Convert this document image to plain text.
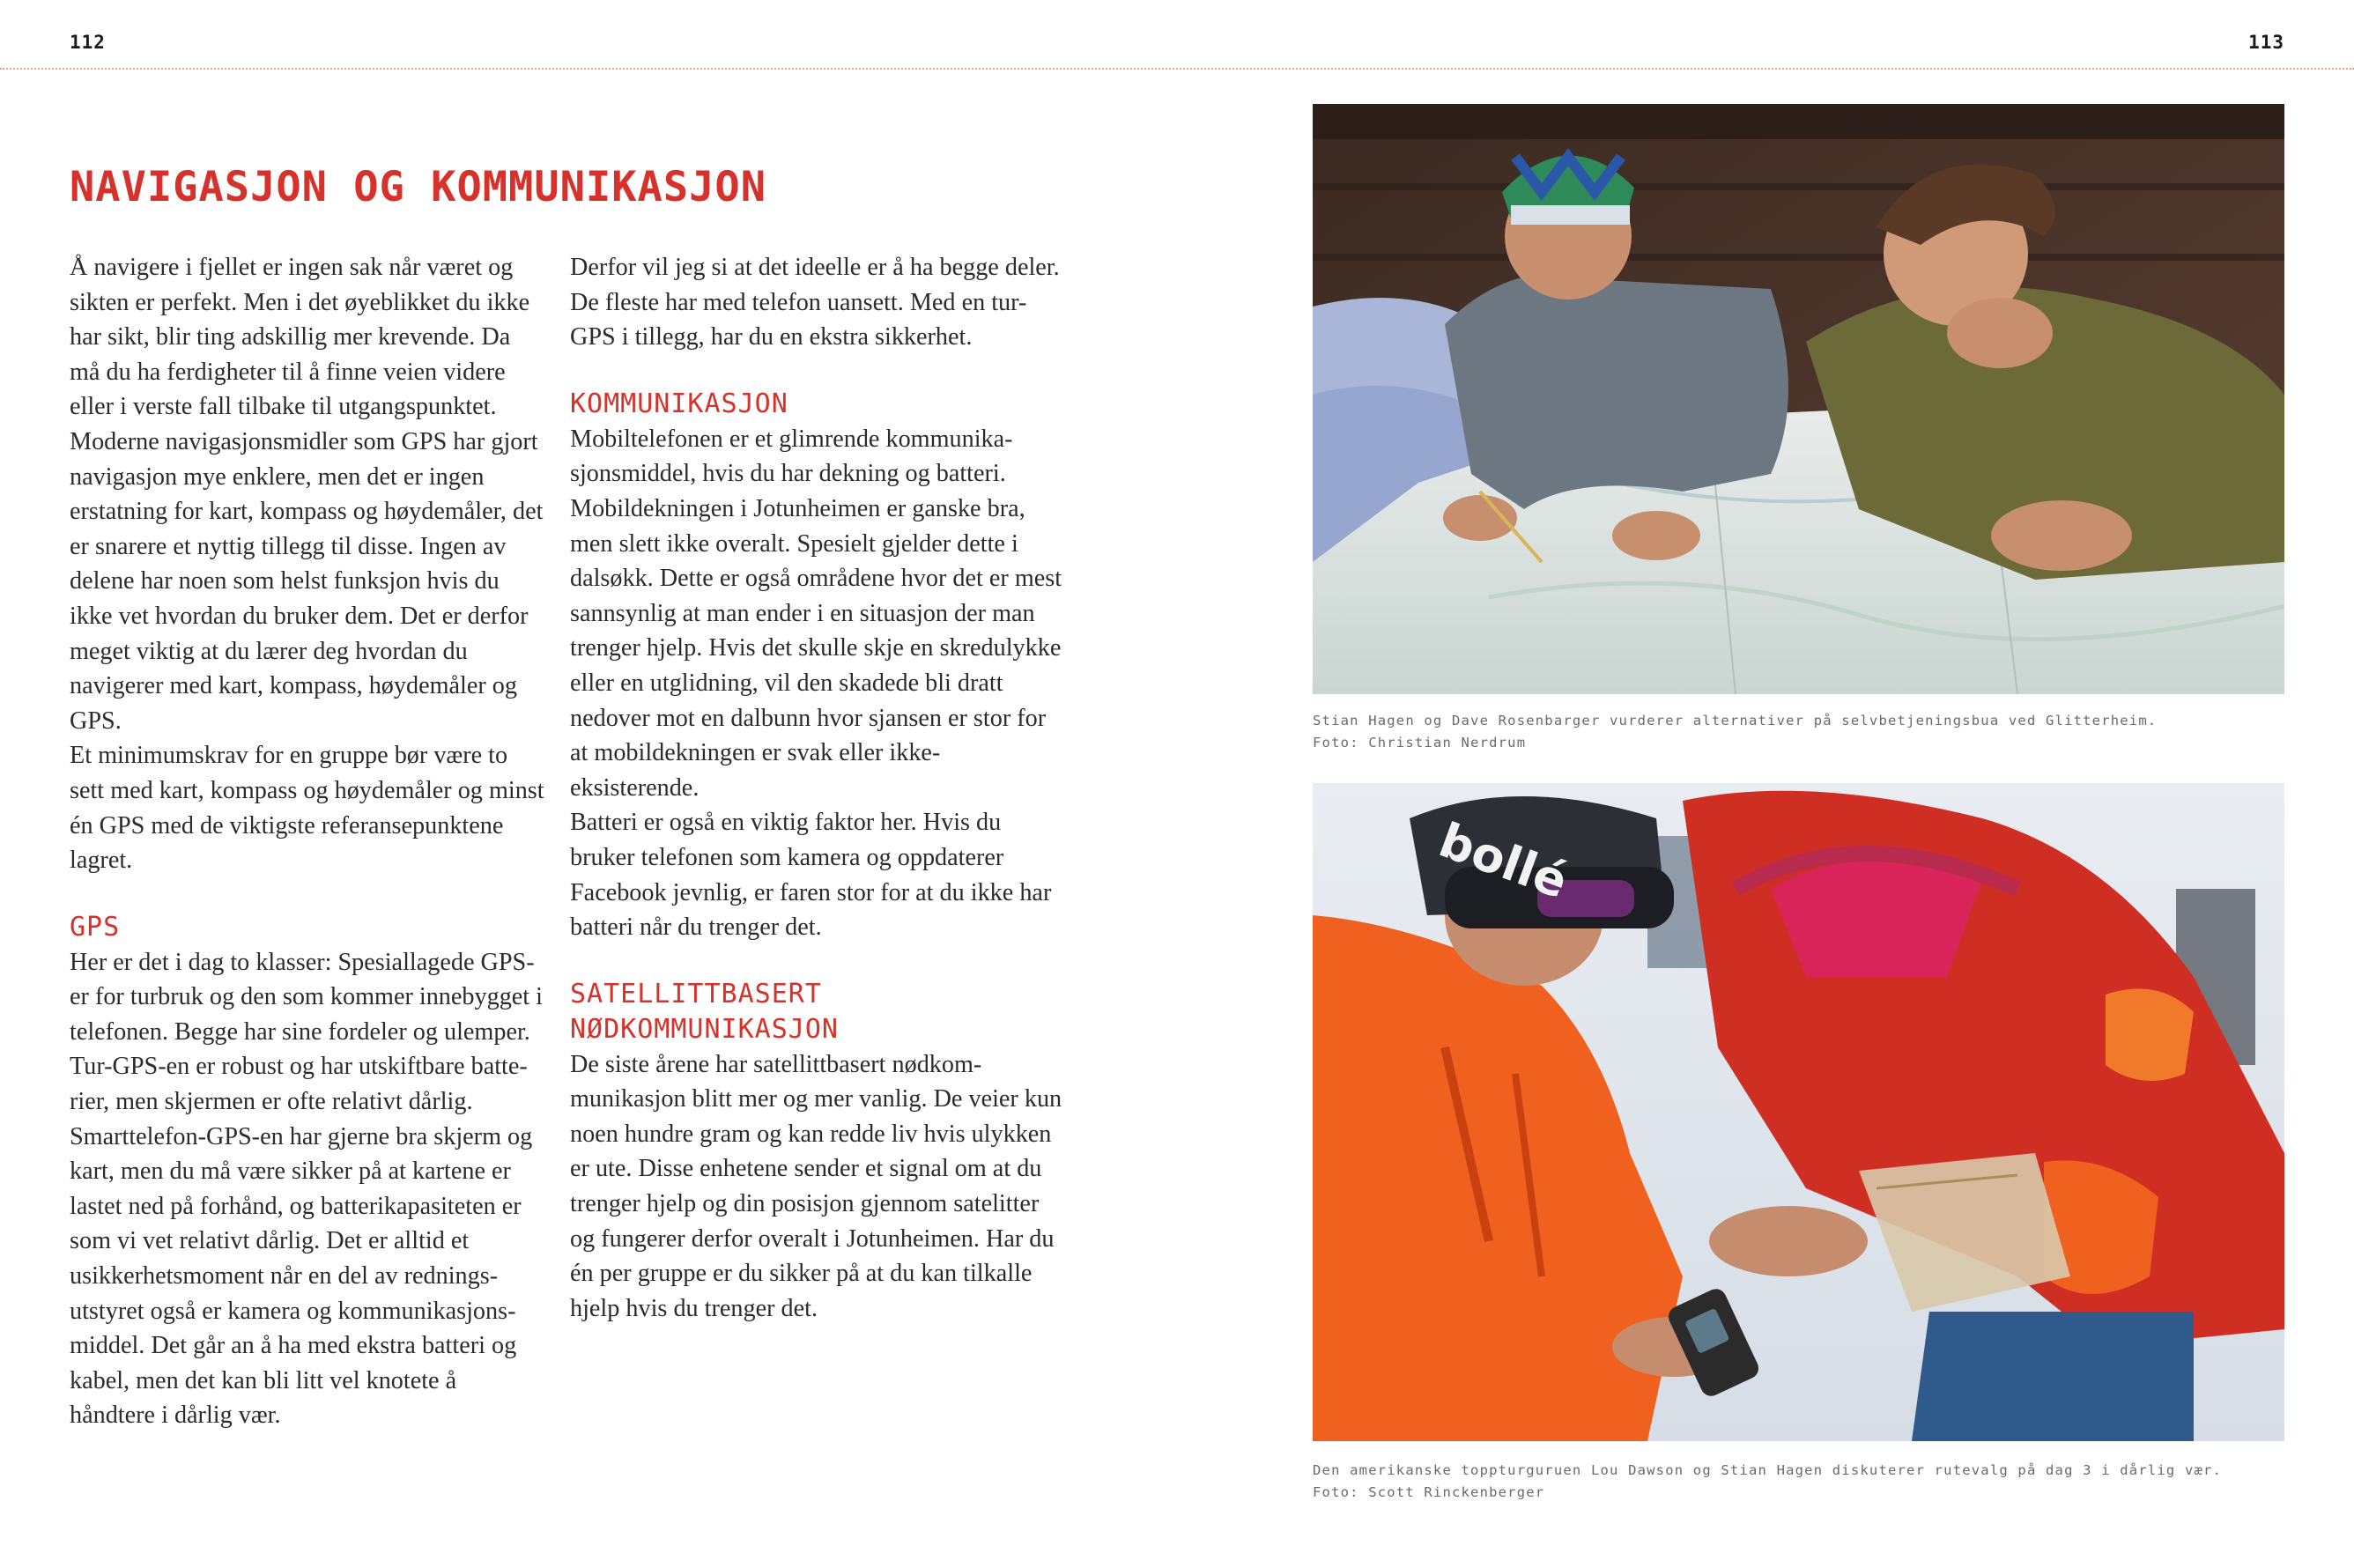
112	113
NAVIGASJON OG KOMMUNIKASJON

Å navigere i fjellet er ingen sak når været og sikten er perfekt. Men i det øyeblikket du ikke har sikt, blir ting adskillig mer krevende. Da må du ha ferdigheter til å finne veien videre eller i verste fall tilbake til utgangspunktet.

Moderne navigasjonsmidler som GPS har gjort navigasjon mye enklere, men det er ingen erstatning for kart, kompass og høydemåler, det er snarere et nyttig tillegg til disse. Ingen av delene har noen som helst funksjon hvis du ikke vet hvordan du bruker dem. Det er derfor meget viktig at du lærer deg hvordan du navigerer med kart, kompass, høydemåler og GPS.

Et minimumskrav for en gruppe bør være to sett med kart, kompass og høydemåler og minst én GPS med de viktigste referansepunktene lagret.

GPS

Her er det i dag to klasser: Spesiallagede GPS-er for turbruk og den som kommer innebygget i telefonen. Begge har sine fordeler og ulemper.

Tur-GPS-en er robust og har utskiftbare batterier, men skjermen er ofte relativt dårlig. Smarttelefon-GPS-en har gjerne bra skjerm og kart, men du må være sikker på at kartene er lastet ned på forhånd, og batterikapasiteten er som vi vet relativt dårlig. Det er alltid et usikkerhetsmoment når en del av redningsutstyret også er kamera og kommunikasjonsmiddel. Det går an å ha med ekstra batteri og kabel, men det kan bli litt vel knotete å håndtere i dårlig vær.

Derfor vil jeg si at det ideelle er å ha begge deler. De fleste har med telefon uansett. Med en tur-GPS i tillegg, har du en ekstra sikkerhet.

KOMMUNIKASJON

Mobiltelefonen er et glimrende kommunikasjonsmiddel, hvis du har dekning og batteri. Mobildekningen i Jotunheimen er ganske bra, men slett ikke overalt. Spesielt gjelder dette i dalsøkk. Dette er også områdene hvor det er mest sannsynlig at man ender i en situasjon der man trenger hjelp. Hvis det skulle skje en skredulykke eller en utglidning, vil den skadede bli dratt nedover mot en dalbunn hvor sjansen er stor for at mobildekningen er svak eller ikke-eksisterende.

Batteri er også en viktig faktor her. Hvis du bruker telefonen som kamera og oppdaterer Facebook jevnlig, er faren stor for at du ikke har batteri når du trenger det.

SATELLITTBASERT
NØDKOMMUNIKASJON

De siste årene har satellittbasert nødkommunikasjon blitt mer og mer vanlig. De veier kun noen hundre gram og kan redde liv hvis ulykken er ute. Disse enhetene sender et signal om at du trenger hjelp og din posisjon gjennom satelitter og fungerer derfor overalt i Jotunheimen. Har du én per gruppe er du sikker på at du kan tilkalle hjelp hvis du trenger det.

Stian Hagen og Dave Rosenbarger vurderer alternativer på selvbetjeningsbua ved Glitterheim.
Foto: Christian Nerdrum
bollé
Den amerikanske toppturguruen Lou Dawson og Stian Hagen diskuterer rutevalg på dag 3 i dårlig vær.
Foto: Scott Rinckenberger
